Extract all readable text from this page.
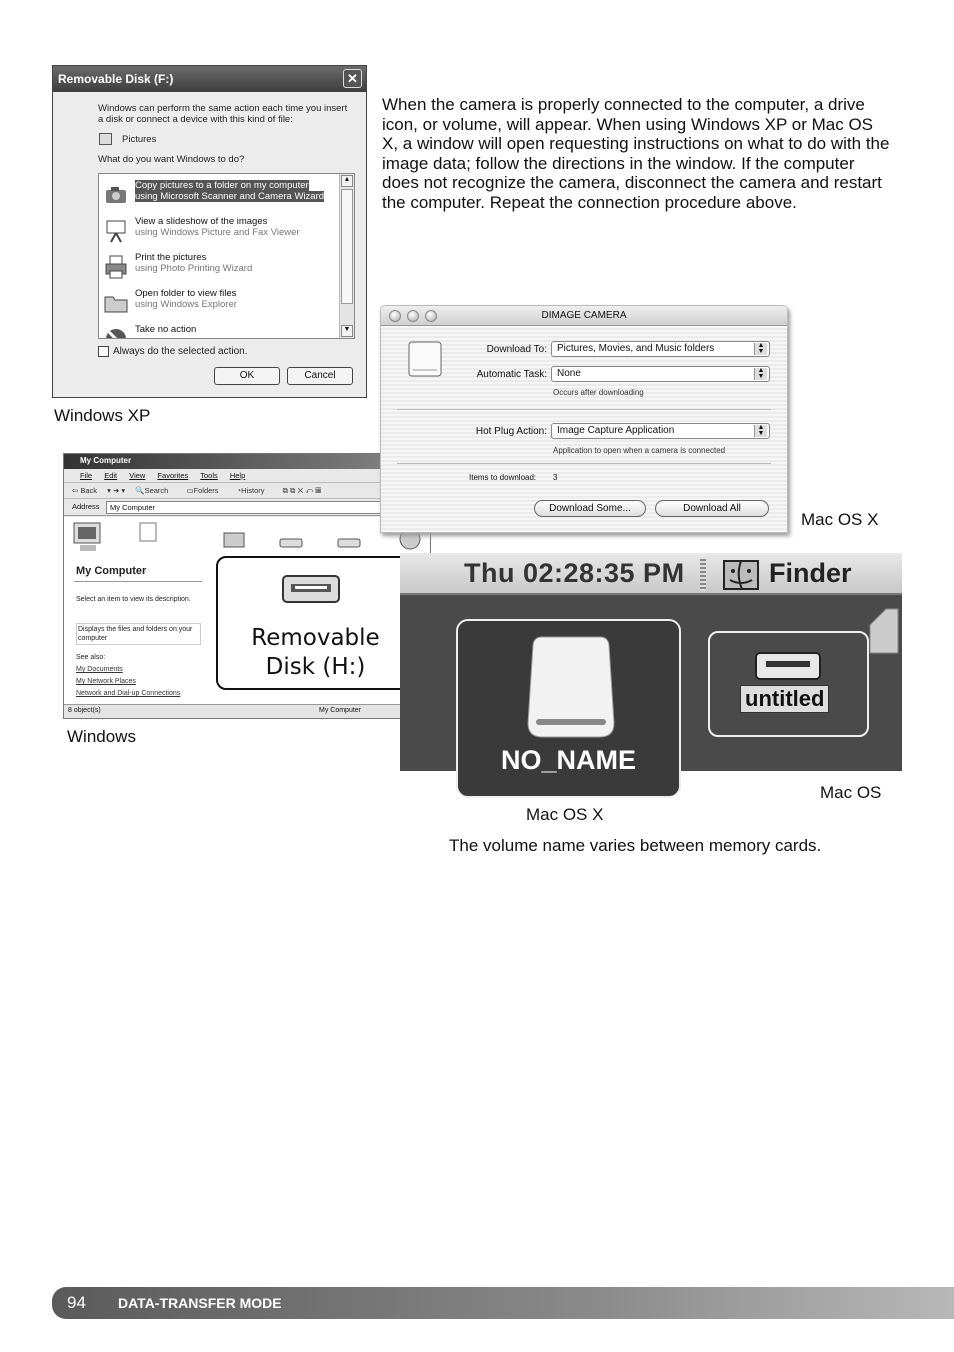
When the camera is properly connected to the computer, a drive icon, or volume, will appear. When using Windows XP or Mac OS X, a window will open requesting instructions on what to do with the image data; follow the directions in the window. If the computer does not recognize the camera, disconnect the camera and restart the computer. Repeat the connection procedure above.
Removable Disk (F:)	✕
Windows can perform the same action each time you insert
a disk or connect a device with this kind of file:
Pictures
What do you want Windows to do?
Copy pictures to a folder on my computer
using Microsoft Scanner and Camera Wizard
View a slideshow of the images
using Windows Picture and Fax Viewer
Print the pictures
using Photo Printing Wizard
Open folder to view files
using Windows Explorer
Take no action
▲
▼
Always do the selected action.
OK	Cancel
Windows XP
My Computer
File Edit View Favorites Tools Help
⇦ Back ▾ ➜ ▾ 🔍Search ▭Folders ◔History ⧉ ⧉ ✕ ↶ ▦
Address	My Computer
My Computer
Select an item to view its description.
Displays the files and folders on your computer
See also:
My Documents
My Network Places
Network and Dial-up Connections
8 object(s)	My Computer
Removable
Disk (H:)
Windows
DIMAGE CAMERA
Download To:	Pictures, Movies, and Music folders	▲
▼
Automatic Task:	None	▲
▼
Occurs after downloading
Hot Plug Action:	Image Capture Application	▲
▼
Application to open when a camera is connected
Items to download: 3
Download Some...	Download All
Mac OS X
Thu 02:28:35 PM	Finder
NO_NAME
untitled
Mac OS
Mac OS X
The volume name varies between memory cards.
94 DATA-TRANSFER MODE
